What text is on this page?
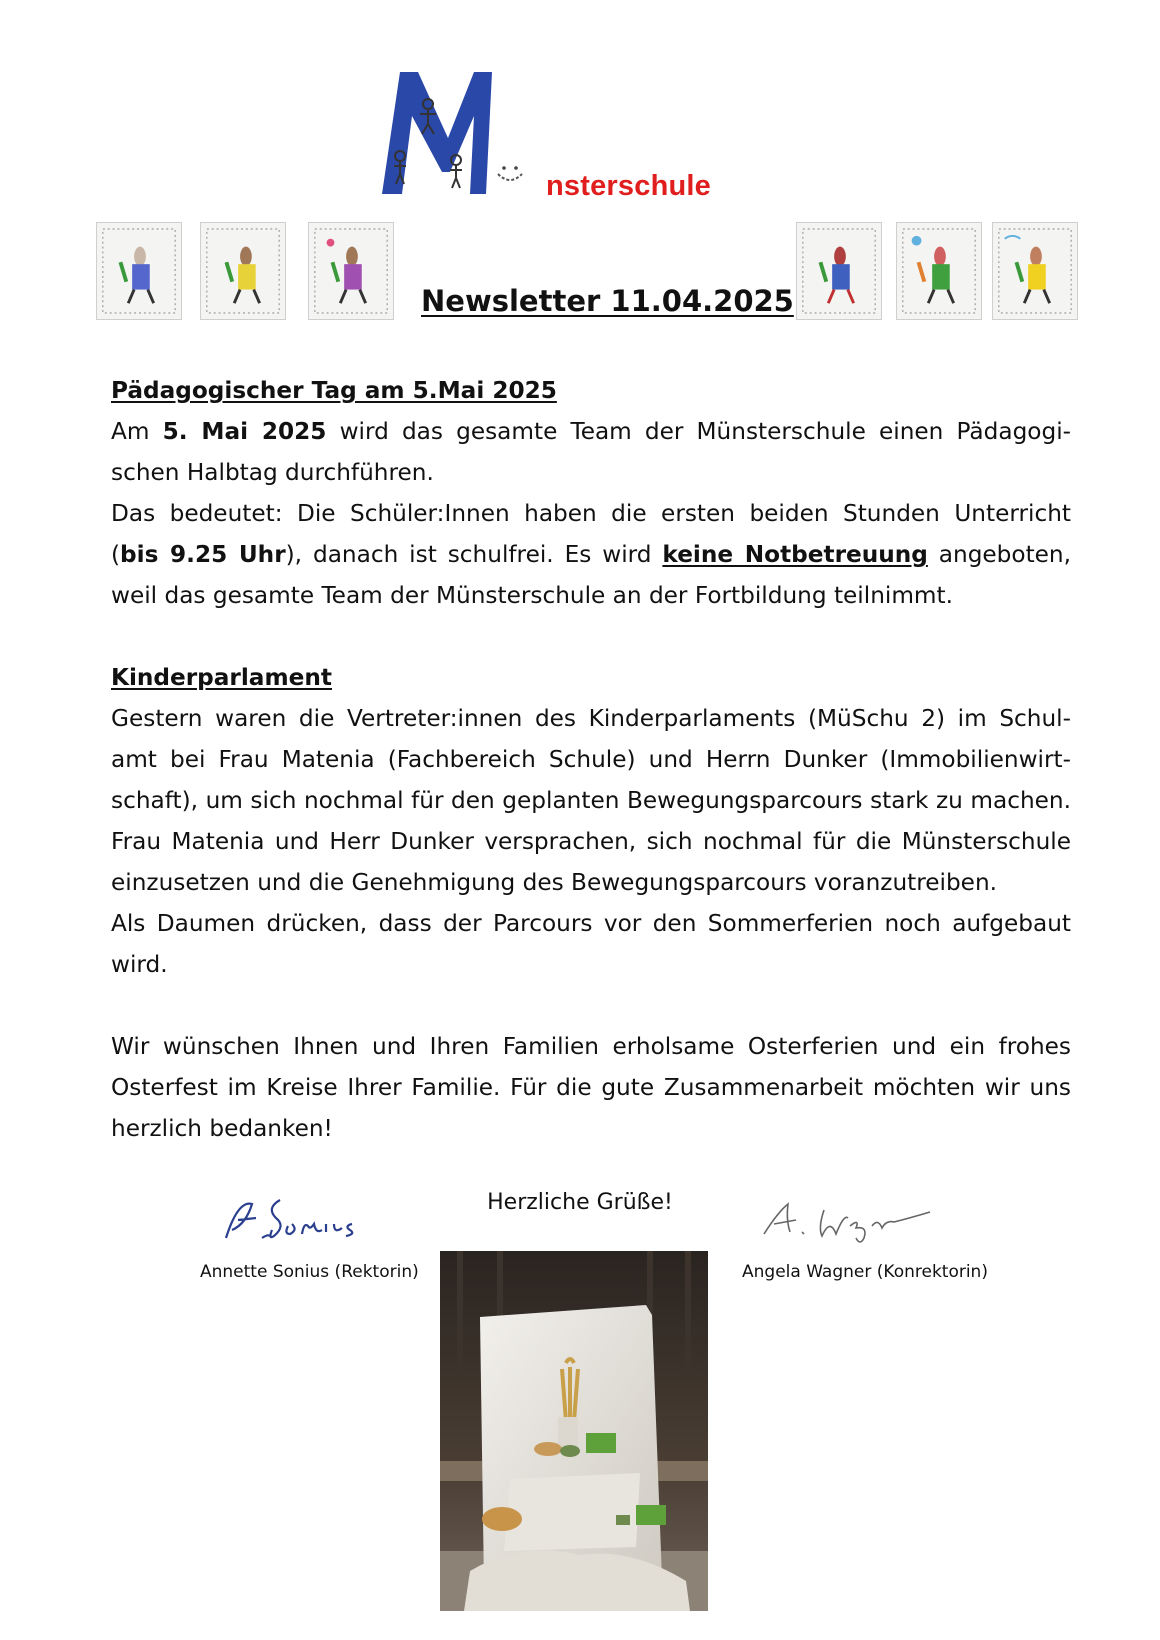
nsterschule
Newsletter 11.04.2025

Pädagogischer Tag am 5.Mai 2025

Am 5. Mai 2025 wird das gesamte Team der Münsterschule einen Pädagogi-

schen Halbtag durchführen.

Das bedeutet: Die Schüler:Innen haben die ersten beiden Stunden Unterricht

(bis 9.25 Uhr), danach ist schulfrei. Es wird keine Notbetreuung angeboten,

weil das gesamte Team der Münsterschule an der Fortbildung teilnimmt.

Kinderparlament

Gestern waren die Vertreter:innen des Kinderparlaments (MüSchu 2) im Schul-

amt bei Frau Matenia (Fachbereich Schule) und Herrn Dunker (Immobilienwirt-

schaft), um sich nochmal für den geplanten Bewegungsparcours stark zu machen.

Frau Matenia und Herr Dunker versprachen, sich nochmal für die Münsterschule

einzusetzen und die Genehmigung des Bewegungsparcours voranzutreiben.

Als Daumen drücken, dass der Parcours vor den Sommerferien noch aufgebaut

wird.

Wir wünschen Ihnen und Ihren Familien erholsame Osterferien und ein frohes

Osterfest im Kreise Ihrer Familie. Für die gute Zusammenarbeit möchten wir uns

herzlich bedanken!

Herzliche Grüße!
Annette Sonius (Rektorin)	Angela Wagner (Konrektorin)
